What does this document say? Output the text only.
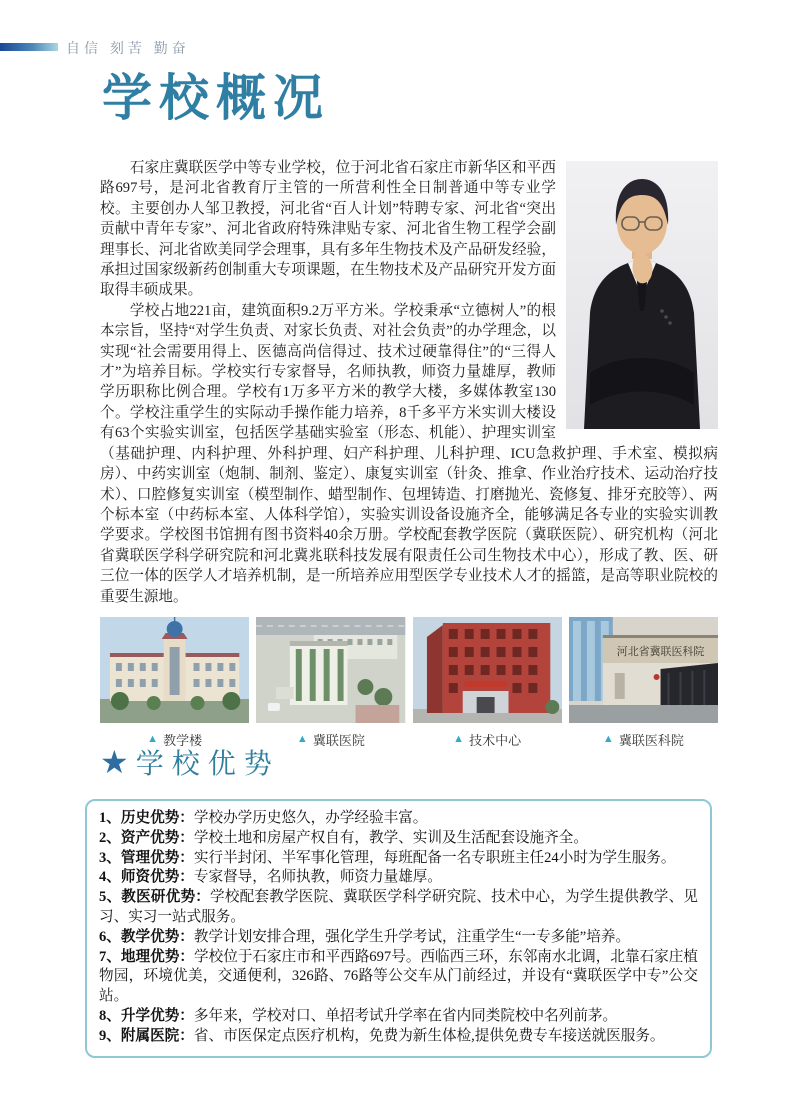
自信 刻苦 勤奋
学校概况

石家庄冀联医学中等专业学校，位于河北省石家庄市新华区和平西路697号，是河北省教育厅主管的一所营利性全日制普通中等专业学校。主要创办人邹卫教授，河北省“百人计划”特聘专家、河北省“突出贡献中青年专家”、河北省政府特殊津贴专家、河北省生物工程学会副理事长、河北省欧美同学会理事，具有多年生物技术及产品研发经验，承担过国家级新药创制重大专项课题，在生物技术及产品研究开发方面取得丰硕成果。

学校占地221亩，建筑面积9.2万平方米。学校秉承“立德树人”的根本宗旨，坚持“对学生负责、对家长负责、对社会负责”的办学理念，以实现“社会需要用得上、医德高尚信得过、技术过硬靠得住”的“三得人才”为培养目标。学校实行专家督导，名师执教，师资力量雄厚，教师学历职称比例合理。学校有1万多平方米的教学大楼，多媒体教室130个。学校注重学生的实际动手操作能力培养，8千多平方米实训大楼设有63个实验实训室，包括医学基础实验室（形态、机能）、护理实训室（基础护理、内科护理、外科护理、妇产科护理、儿科护理、ICU急救护理、手术室、模拟病房）、中药实训室（炮制、制剂、鉴定）、康复实训室（针灸、推拿、作业治疗技术、运动治疗技术）、口腔修复实训室（模型制作、蜡型制作、包埋铸造、打磨抛光、瓷修复、排牙充胶等）、两个标本室（中药标本室、人体科学馆），实验实训设备设施齐全，能够满足各专业的实验实训教学要求。学校图书馆拥有图书资料40余万册。学校配套教学医院（冀联医院）、研究机构（河北省冀联医学科学研究院和河北冀兆联科技发展有限责任公司生物技术中心），形成了教、医、研三位一体的医学人才培养机制，是一所培养应用型医学专业技术人才的摇篮，是高等职业院校的重要生源地。

▲ 教学楼	▲ 冀联医院	▲ 技术中心
河北省冀联医科院
▲ 冀联医科院
★ 学校优势
1、历史优势：学校办学历史悠久，办学经验丰富。
2、资产优势：学校土地和房屋产权自有，教学、实训及生活配套设施齐全。
3、管理优势：实行半封闭、半军事化管理，每班配备一名专职班主任24小时为学生服务。
4、师资优势：专家督导，名师执教，师资力量雄厚。
5、教医研优势：学校配套教学医院、冀联医学科学研究院、技术中心，为学生提供教学、见习、实习一站式服务。
6、教学优势：教学计划安排合理，强化学生升学考试，注重学生“一专多能”培养。
7、地理优势：学校位于石家庄市和平西路697号。西临西三环，东邻南水北调，北靠石家庄植物园，环境优美，交通便利，326路、76路等公交车从门前经过，并设有“冀联医学中专”公交站。
8、升学优势：多年来，学校对口、单招考试升学率在省内同类院校中名列前茅。
9、附属医院：省、市医保定点医疗机构，免费为新生体检,提供免费专车接送就医服务。
